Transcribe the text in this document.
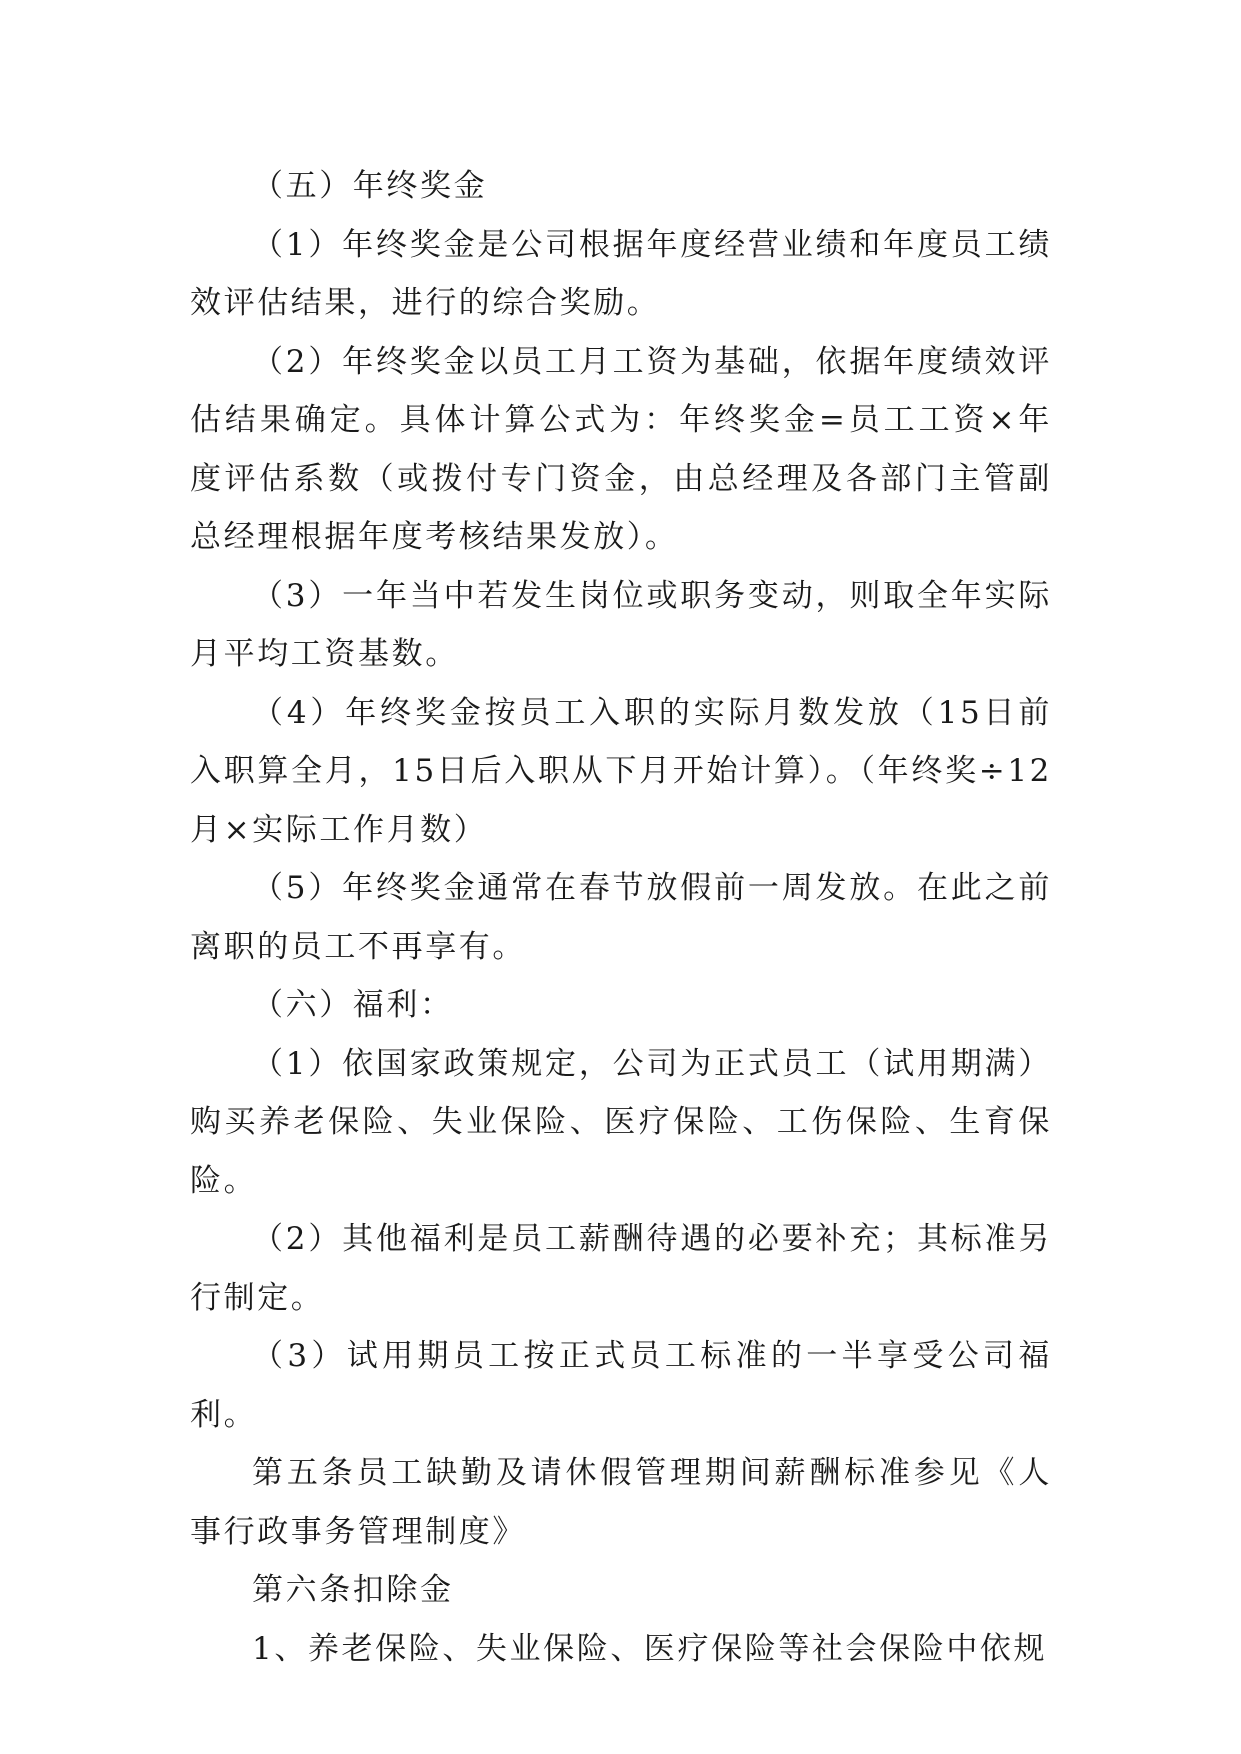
（五）年终奖金

（1）年终奖金是公司根据年度经营业绩和年度员工绩效评估结果，进行的综合奖励。

（2）年终奖金以员工月工资为基础，依据年度绩效评估结果确定。具体计算公式为：年终奖金=员工工资×年度评估系数（或拨付专门资金，由总经理及各部门主管副总经理根据年度考核结果发放）。

（3）一年当中若发生岗位或职务变动，则取全年实际月平均工资基数。

（4）年终奖金按员工入职的实际月数发放（15日前入职算全月，15日后入职从下月开始计算）。（年终奖÷12月×实际工作月数）

（5）年终奖金通常在春节放假前一周发放。在此之前离职的员工不再享有。

（六）福利：

（1）依国家政策规定，公司为正式员工（试用期满）购买养老保险、失业保险、医疗保险、工伤保险、生育保险。

（2）其他福利是员工薪酬待遇的必要补充；其标准另行制定。

（3）试用期员工按正式员工标准的一半享受公司福利。

第五条员工缺勤及请休假管理期间薪酬标准参见《人事行政事务管理制度》

第六条扣除金

1、养老保险、失业保险、医疗保险等社会保险中依规
